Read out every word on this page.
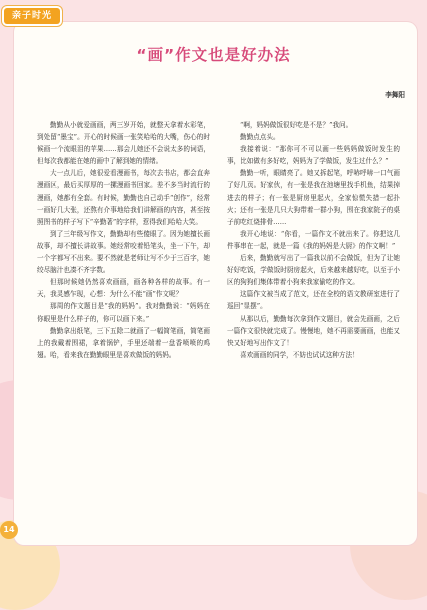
亲子时光
“画”作文也是好办法
李舞阳

勤勤从小就爱画画，两三岁开始，就整天拿着水彩笔，到处留“墨宝”。开心的时候画一张笑哈哈的大嘴，伤心的时候画一个流眼泪的苹果……那会儿她还不会说太多的词语，但每次我都能在她的画中了解到她的情绪。

大一点儿后，她很爱看漫画书，每次去书店，都会直奔漫画区，最后买厚厚的一摞漫画书回家。差不多当时流行的漫画，她都有全套。有时候，勤勤也自己动手“创作”，经常一画好几大张，还熬有介事地给我们讲解画的内容，甚至按照图书的样子写下“辛勤著”的字样，惹得我们哈哈大笑。

到了三年级写作文，勤勤却有些傻眼了。因为她擅长画故事，却不擅长讲故事。她经常咬着铅笔头，坐一下午，却一个字都写不出来。要不然就是老师让写不少于三百字，她绞尽脑汁也凑不齐字数。

但那时候她仍然喜欢画画，画各种各样的故事。有一天，我灵感乍现，心想：为什么不能“画”作文呢？

那周的作文题目是“我的妈妈”。我对勤勤说：“妈妈在你眼里是什么样子的，你可以画下来。”

勤勤拿出纸笔，三下五除二就画了一幅简笔画，简笔画上的我戴着围裙，拿着锅铲，手里还端着一盘香喷喷的鸡翅。哈，看来我在勤勤眼里是喜欢做饭的妈妈。

“啊，妈妈做饭很好吃是不是？”我问。

勤勤点点头。

我接着说：“那你可不可以画一些妈妈做饭时发生的事，比如做有多好吃，妈妈为了学做饭，发生过什么？”

勤勤一听，眼睛亮了。她又拆起笔，呼哧呼哧一口气画了好几页。好家伙，有一张是我在池塘里找手机鱼，结果掉进去的样子；有一张是厨房里起火，全家惊慌失措一起扑火；还有一张是几只大狗带着一群小狗，围在我家院子的桌子前吃红烧排骨……

我开心地说：“你看，一篇作文不就出来了。你把这几件事串在一起，就是一篇《我的妈妈是大厨》的作文啊！”

后来，勤勤就写出了一篇我以前不会做饭，但为了让她好好吃饭，学做饭时厨房起火，后来越来越好吃，以至于小区的狗狗们集体带着小狗来我家偷吃的作文。

这篇作文被当成了范文，还在全校的语文教研室进行了巡回“显摆”。

从那以后，勤勤每次拿到作文题目，就会先画画，之后一篇作文很快就完成了。慢慢地，她不再需要画画，也能又快又好地写出作文了！

喜欢画画的同学，不妨也试试这种方法！

14
